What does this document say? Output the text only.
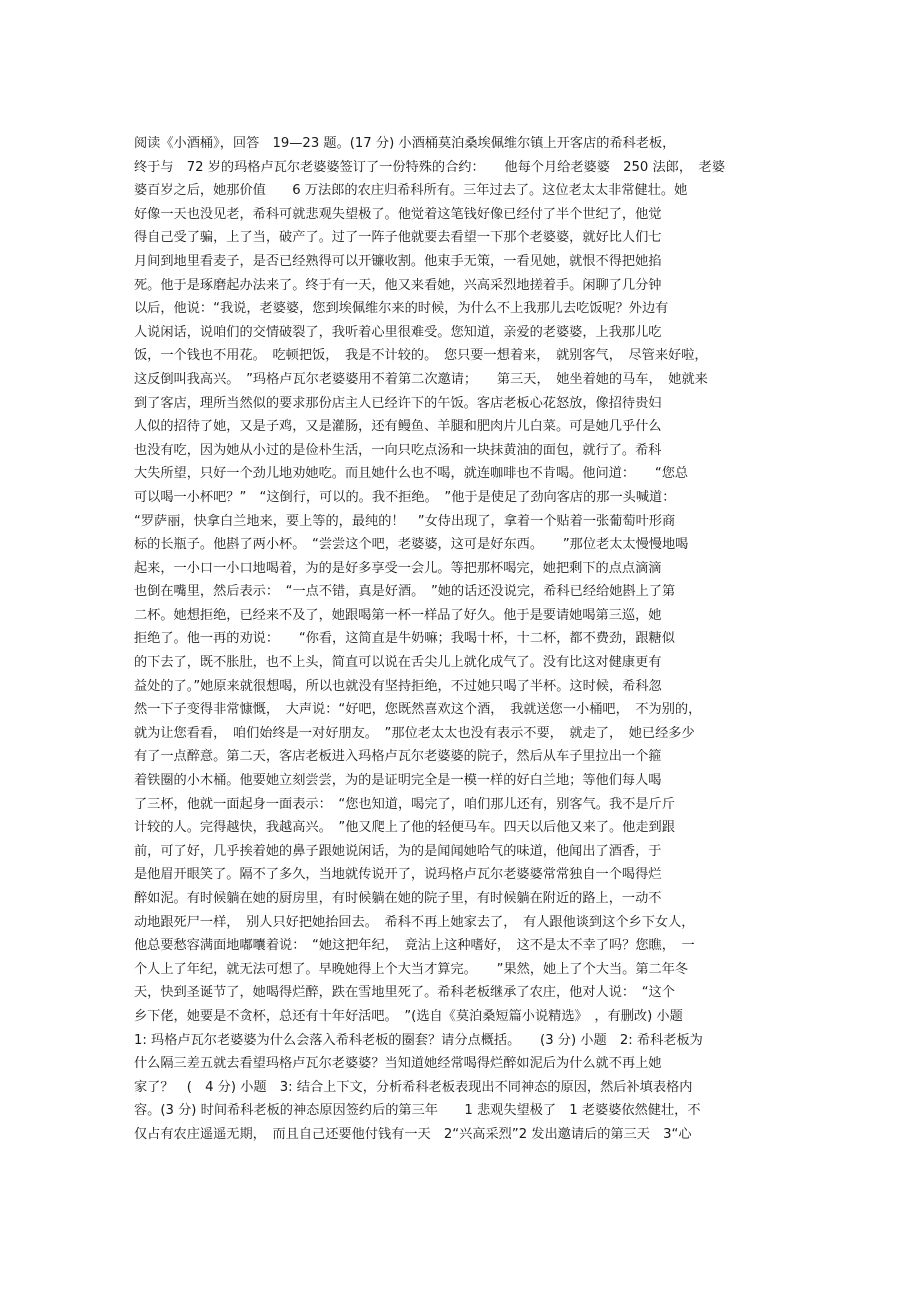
阅读《小酒桶》，回答　19—23 题。(17 分) 小酒桶莫泊桑埃佩维尔镇上开客店的希科老板，
终于与　72 岁的玛格卢瓦尔老婆婆签订了一份特殊的合约：　　他每个月给老婆婆　250 法郎，　老婆
婆百岁之后，她那价值　　6 万法郎的农庄归希科所有。三年过去了。这位老太太非常健壮。她
好像一天也没见老，希科可就悲观失望极了。他觉着这笔钱好像已经付了半个世纪了，他觉
得自己受了骗，上了当，破产了。过了一阵子他就要去看望一下那个老婆婆，就好比人们七
月间到地里看麦子，是否已经熟得可以开镰收割。他束手无策，一看见她，就恨不得把她掐
死。他于是琢磨起办法来了。终于有一天，他又来看她，兴高采烈地搓着手。闲聊了几分钟
以后，他说：“我说，老婆婆，您到埃佩维尔来的时候，为什么不上我那儿去吃饭呢？外边有
人说闲话，说咱们的交情破裂了，我听着心里很难受。您知道，亲爱的老婆婆，上我那儿吃
饭，一个钱也不用花。　吃顿把饭，　我是不计较的。　您只要一想着来，　就别客气，　尽管来好啦，
这反倒叫我高兴。　”玛格卢瓦尔老婆婆用不着第二次邀请；　　第三天，　她坐着她的马车，　她就来
到了客店，理所当然似的要求那份店主人已经许下的午饭。客店老板心花怒放，像招待贵妇
人似的招待了她，又是子鸡，又是灌肠，还有鳗鱼、羊腿和肥肉片儿白菜。可是她几乎什么
也没有吃，因为她从小过的是俭朴生活，一向只吃点汤和一块抹黄油的面包，就行了。希科
大失所望，只好一个劲儿地劝她吃。而且她什么也不喝，就连咖啡也不肯喝。他问道：　　“您总
可以喝一小杯吧？”　“这倒行，可以的。我不拒绝。　”他于是使足了劲向客店的那一头喊道：
“罗萨丽，快拿白兰地来，要上等的，最纯的！　”女侍出现了，拿着一个贴着一张葡萄叶形商
标的长瓶子。他斟了两小杯。　“尝尝这个吧，老婆婆，这可是好东西。　　”那位老太太慢慢地喝
起来，一小口一小口地喝着，为的是好多享受一会儿。等把那杯喝完，她把剩下的点点滴滴
也倒在嘴里，然后表示：　“一点不错，真是好酒。　”她的话还没说完，希科已经给她斟上了第
二杯。她想拒绝，已经来不及了，她跟喝第一杯一样品了好久。他于是要请她喝第三巡，她
拒绝了。他一再的劝说：　　“你看，这简直是牛奶嘛；我喝十杯，十二杯，都不费劲，跟糖似
的下去了，既不胀肚，也不上头，简直可以说在舌尖儿上就化成气了。没有比这对健康更有
益处的了。”她原来就很想喝，所以也就没有坚持拒绝，不过她只喝了半杯。这时候，希科忽
然一下子变得非常慷慨，　大声说：“好吧，您既然喜欢这个酒，　我就送您一小桶吧，　不为别的，
就为让您看看，　咱们始终是一对好朋友。　”那位老太太也没有表示不要，　就走了，　她已经多少
有了一点醉意。第二天，客店老板进入玛格卢瓦尔老婆婆的院子，然后从车子里拉出一个箍
着铁圈的小木桶。他要她立刻尝尝，为的是证明完全是一模一样的好白兰地；等他们每人喝
了三杯，他就一面起身一面表示：　“您也知道，喝完了，咱们那儿还有，别客气。我不是斤斤
计较的人。完得越快，我越高兴。　”他又爬上了他的轻便马车。四天以后他又来了。他走到跟
前，可了好，几乎挨着她的鼻子跟她说闲话，为的是闻闻她哈气的味道，他闻出了酒香，于
是他眉开眼笑了。隔不了多久，当地就传说开了，说玛格卢瓦尔老婆婆常常独自一个喝得烂
醉如泥。有时候躺在她的厨房里，有时候躺在她的院子里，有时候躺在附近的路上，一动不
动地跟死尸一样，　别人只好把她抬回去。　希科不再上她家去了，　有人跟他谈到这个乡下女人，
他总要愁容满面地嘟囔着说：　“她这把年纪，　竟沾上这种嗜好，　这不是太不幸了吗？您瞧，　一
个人上了年纪，就无法可想了。早晚她得上个大当才算完。　　”果然，她上了个大当。第二年冬
天，快到圣诞节了，她喝得烂醉，跌在雪地里死了。希科老板继承了农庄，他对人说：　“这个
乡下佬，她要是不贪杯，总还有十年好活吧。　”(选自《莫泊桑短篇小说精选》　，有删改) 小题
1: 玛格卢瓦尔老婆婆为什么会落入希科老板的圈套？请分点概括。　　(3 分) 小题　2: 希科老板为
什么隔三差五就去看望玛格卢瓦尔老婆婆？当知道她经常喝得烂醉如泥后为什么就不再上她
家了？　(　4 分) 小题　3: 结合上下文，分析希科老板表现出不同神态的原因，然后补填表格内
容。(3 分) 时间希科老板的神态原因签约后的第三年　　1 悲观失望极了　1 老婆婆依然健壮，不
仅占有农庄遥遥无期，　而且自己还要他付钱有一天　2“兴高采烈”2 发出邀请后的第三天　3“心
